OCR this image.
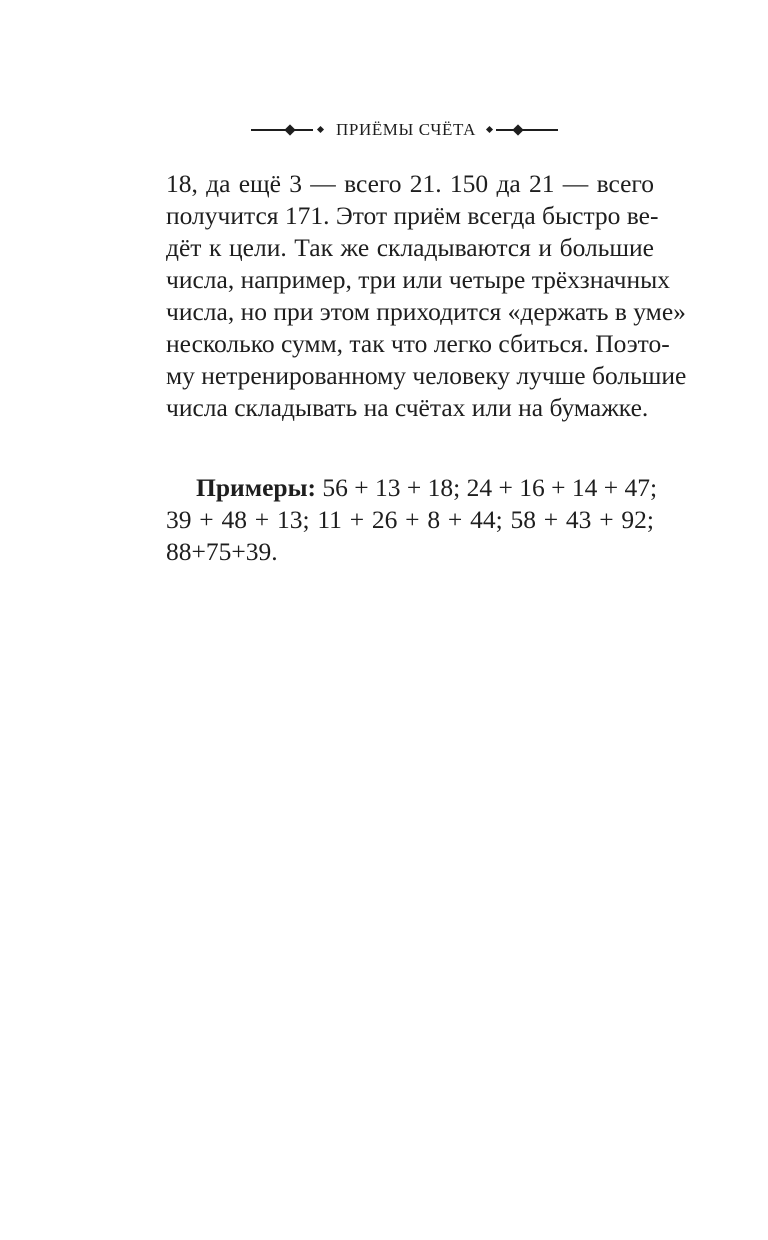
ПРИЁМЫ СЧЁТА
18, да ещё 3 — всего 21. 150 да 21 — всего
получится 171. Этот приём всегда быстро ве-
дёт к цели. Так же складываются и большие
числа, например, три или четыре трёхзначных
числа, но при этом приходится «держать в уме»
несколько сумм, так что легко сбиться. Поэто-
му нетренированному человеку лучше большие
числа складывать на счётах или на бумажке.
Примеры: 56 + 13 + 18; 24 + 16 + 14 + 47;
39 + 48 + 13; 11 + 26 + 8 + 44; 58 + 43 + 92;
88+75+39.
